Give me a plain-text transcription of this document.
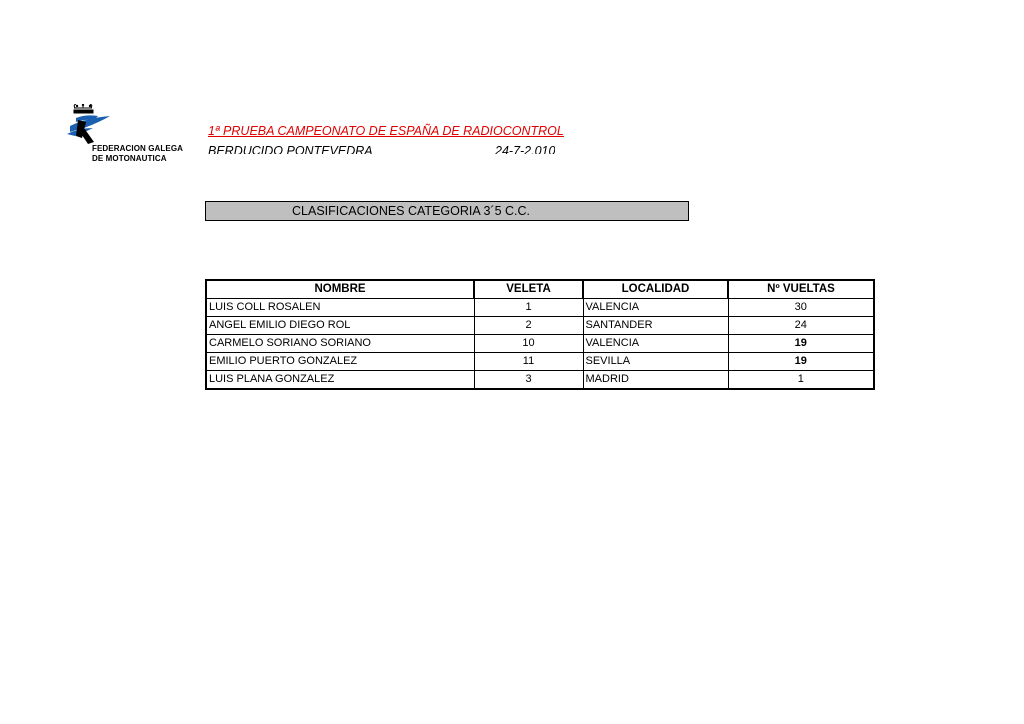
FEDERACION GALEGA
DE MOTONAUTICA
1ª PRUEBA CAMPEONATO DE ESPAÑA DE RADIOCONTROL
BERDUCIDO PONTEVEDRA	24-7-2.010
CLASIFICACIONES CATEGORIA 3´5 C.C.
NOMBRE	VELETA	LOCALIDAD	Nº VUELTAS
LUIS COLL ROSALEN	1	VALENCIA	30
ANGEL EMILIO DIEGO ROL	2	SANTANDER	24
CARMELO SORIANO SORIANO	10	VALENCIA	19
EMILIO PUERTO GONZALEZ	11	SEVILLA	19
LUIS PLANA GONZALEZ	3	MADRID	1
